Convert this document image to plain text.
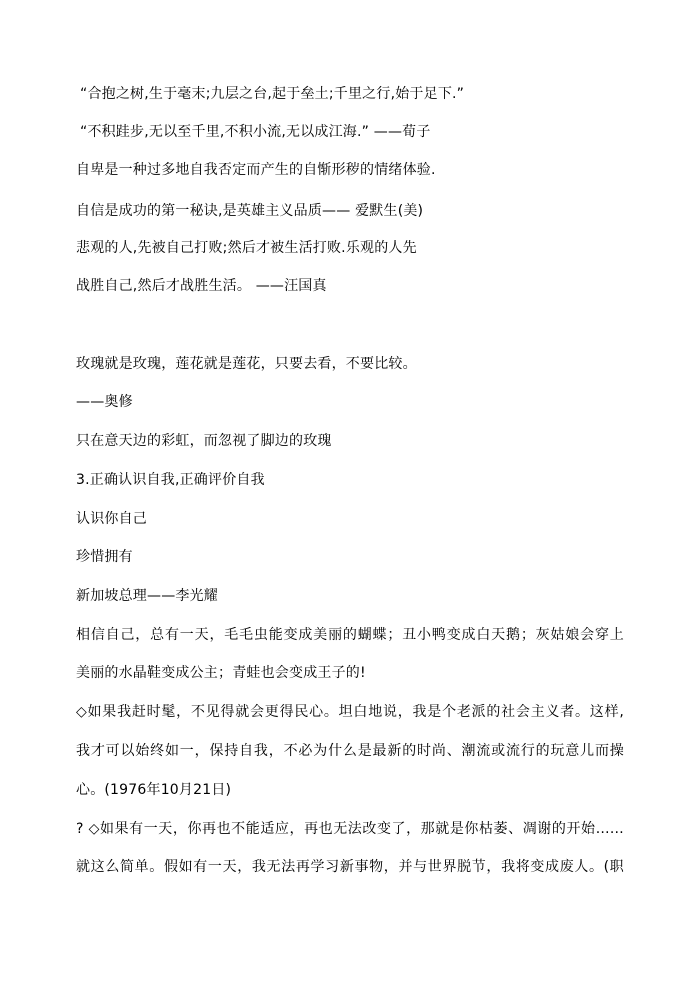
“合抱之树,生于毫末;九层之台,起于垒土;千里之行,始于足下.”
“不积跬步,无以至千里,不积小流,无以成江海.” ——荀子
自卑是一种过多地自我否定而产生的自惭形秽的情绪体验.
自信是成功的第一秘诀,是英雄主义品质—— 爱默生(美)
悲观的人,先被自己打败;然后才被生活打败.乐观的人先
战胜自己,然后才战胜生活。 ——汪国真
玫瑰就是玫瑰，莲花就是莲花，只要去看，不要比较。
——奥修
只在意天边的彩虹，而忽视了脚边的玫瑰
3.正确认识自我,正确评价自我
认识你自己
珍惜拥有
新加坡总理——李光耀
相信自己，总有一天，毛毛虫能变成美丽的蝴蝶；丑小鸭变成白天鹅；灰姑娘会穿上
美丽的水晶鞋变成公主；青蛙也会变成王子的!
◇如果我赶时髦，不见得就会更得民心。坦白地说，我是个老派的社会主义者。这样,
我才可以始终如一，保持自我，不必为什么是最新的时尚、潮流或流行的玩意儿而操
心。(1976年10月21日)
? ◇如果有一天，你再也不能适应，再也无法改变了，那就是你枯萎、凋谢的开始……
就这么简单。假如有一天，我无法再学习新事物，并与世界脱节，我将变成废人。(职
